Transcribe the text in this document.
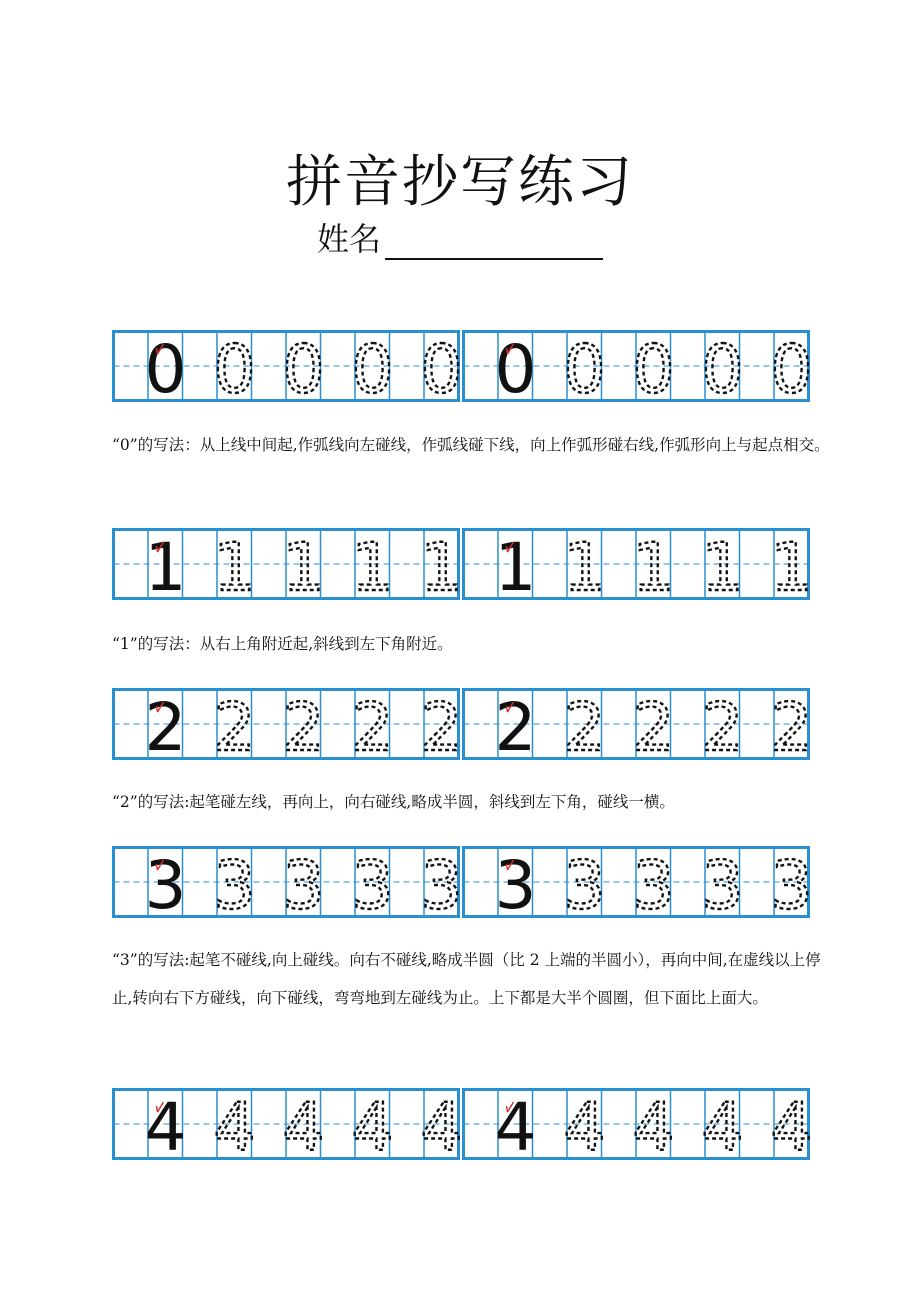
拼音抄写练习
姓名
0 0 0 0 0 0 0 0 0 0
“0”的写法：从上线中间起,作弧线向左碰线，作弧线碰下线，向上作弧形碰右线,作弧形向上与起点相交。
1 1 1 1 1 1 1 1 1 1
“1”的写法：从右上角附近起,斜线到左下角附近。
2 2 2 2 2 2 2 2 2 2
“2”的写法:起笔碰左线，再向上，向右碰线,略成半圆，斜线到左下角，碰线一横。
3 3 3 3 3 3 3 3 3 3
“3”的写法:起笔不碰线,向上碰线。向右不碰线,略成半圆（比 2 上端的半圆小），再向中间,在虚线以上停止,转向右下方碰线，向下碰线，弯弯地到左碰线为止。上下都是大半个圆圈，但下面比上面大。
4 4 4 4 4 4 4 4 4 4
